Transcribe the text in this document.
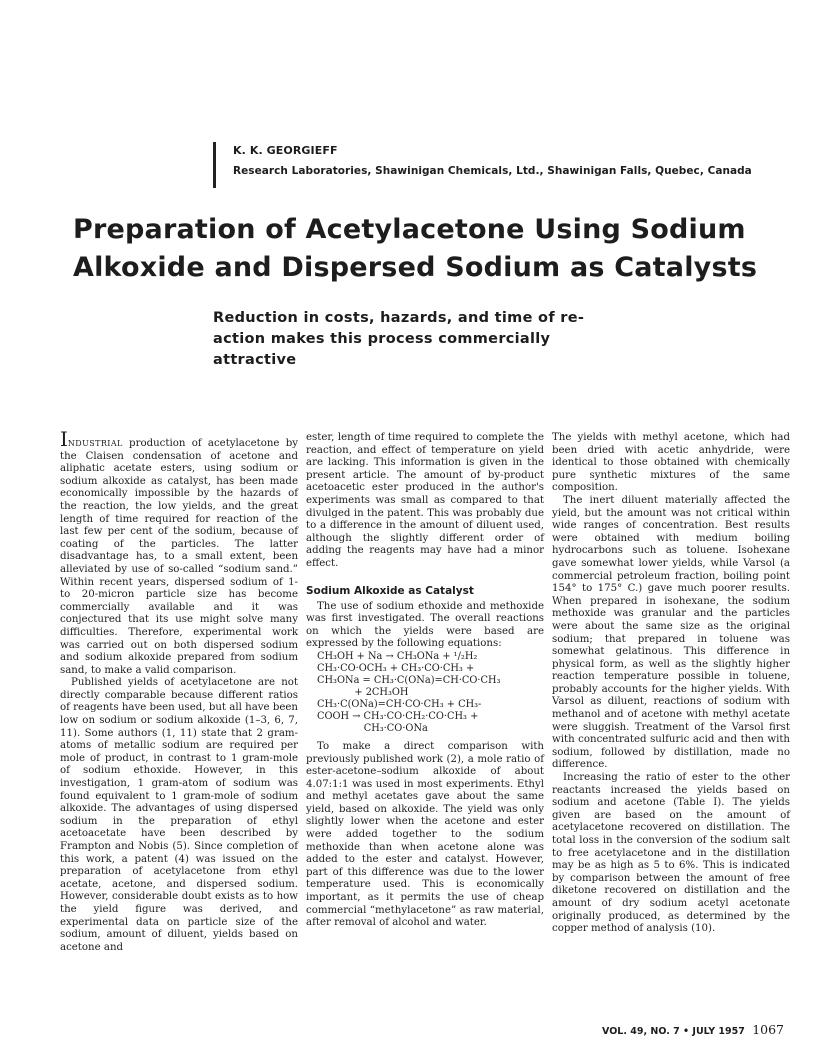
K. K. GEORGIEFF
Research Laboratories, Shawinigan Chemicals, Ltd., Shawinigan Falls, Quebec, Canada
Preparation of Acetylacetone Using Sodium Alkoxide and Dispersed Sodium as Catalysts

Reduction in costs, hazards, and time of re-action makes this process commercially attractive

INDUSTRIAL production of acetylacetone by the Claisen condensation of acetone and aliphatic acetate esters, using sodium or sodium alkoxide as catalyst, has been made economically impossible by the hazards of the reaction, the low yields, and the great length of time required for reaction of the last few per cent of the sodium, because of coating of the particles. The latter disadvantage has, to a small extent, been alleviated by use of so-called “sodium sand.” Within recent years, dispersed sodium of 1- to 20-micron particle size has become commercially available and it was conjectured that its use might solve many difficulties. Therefore, experimental work was carried out on both dispersed sodium and sodium alkoxide prepared from sodium sand, to make a valid comparison.

Published yields of acetylacetone are not directly comparable because different ratios of reagents have been used, but all have been low on sodium or sodium alkoxide (1–3, 6, 7, 11). Some authors (1, 11) state that 2 gram-atoms of metallic sodium are required per mole of product, in contrast to 1 gram-mole of sodium ethoxide. However, in this investigation, 1 gram-atom of sodium was found equivalent to 1 gram-mole of sodium alkoxide. The advantages of using dispersed sodium in the preparation of ethyl acetoacetate have been described by Frampton and Nobis (5). Since completion of this work, a patent (4) was issued on the preparation of acetylacetone from ethyl acetate, acetone, and dispersed sodium. However, considerable doubt exists as to how the yield figure was derived, and experimental data on particle size of the sodium, amount of diluent, yields based on acetone and

ester, length of time required to complete the reaction, and effect of temperature on yield are lacking. This information is given in the present article. The amount of by-product acetoacetic ester produced in the author's experiments was small as compared to that divulged in the patent. This was probably due to a difference in the amount of diluent used, although the slightly different order of adding the reagents may have had a minor effect.

Sodium Alkoxide as Catalyst

The use of sodium ethoxide and methoxide was first investigated. The overall reactions on which the yields were based are expressed by the following equations:

CH₃OH + Na → CH₃ONa + ¹/₂H₂

CH₃·CO·OCH₃ + CH₃·CO·CH₃ +

CH₃ONa = CH₃·C(ONa)=CH·CO·CH₃

+ 2CH₃OH

CH₃·C(ONa)=CH·CO·CH₃ + CH₃-

COOH → CH₃·CO·CH₂·CO·CH₃ +

CH₃·CO·ONa

To make a direct comparison with previously published work (2), a mole ratio of ester-acetone–sodium alkoxide of about 4.07:1:1 was used in most experiments. Ethyl and methyl acetates gave about the same yield, based on alkoxide. The yield was only slightly lower when the acetone and ester were added together to the sodium methoxide than when acetone alone was added to the ester and catalyst. However, part of this difference was due to the lower temperature used. This is economically important, as it permits the use of cheap commercial “methylacetone” as raw material, after removal of alcohol and water.

The yields with methyl acetone, which had been dried with acetic anhydride, were identical to those obtained with chemically pure synthetic mixtures of the same composition.

The inert diluent materially affected the yield, but the amount was not critical within wide ranges of concentration. Best results were obtained with medium boiling hydrocarbons such as toluene. Isohexane gave somewhat lower yields, while Varsol (a commercial petroleum fraction, boiling point 154° to 175° C.) gave much poorer results. When prepared in isohexane, the sodium methoxide was granular and the particles were about the same size as the original sodium; that prepared in toluene was somewhat gelatinous. This difference in physical form, as well as the slightly higher reaction temperature possible in toluene, probably accounts for the higher yields. With Varsol as diluent, reactions of sodium with methanol and of acetone with methyl acetate were sluggish. Treatment of the Varsol first with concentrated sulfuric acid and then with sodium, followed by distillation, made no difference.

Increasing the ratio of ester to the other reactants increased the yields based on sodium and acetone (Table I). The yields given are based on the amount of acetylacetone recovered on distillation. The total loss in the conversion of the sodium salt to free acetylacetone and in the distillation may be as high as 5 to 6%. This is indicated by comparison between the amount of free diketone recovered on distillation and the amount of dry sodium acetyl acetonate originally produced, as determined by the copper method of analysis (10).

VOL. 49, NO. 7 • JULY 1957 1067
